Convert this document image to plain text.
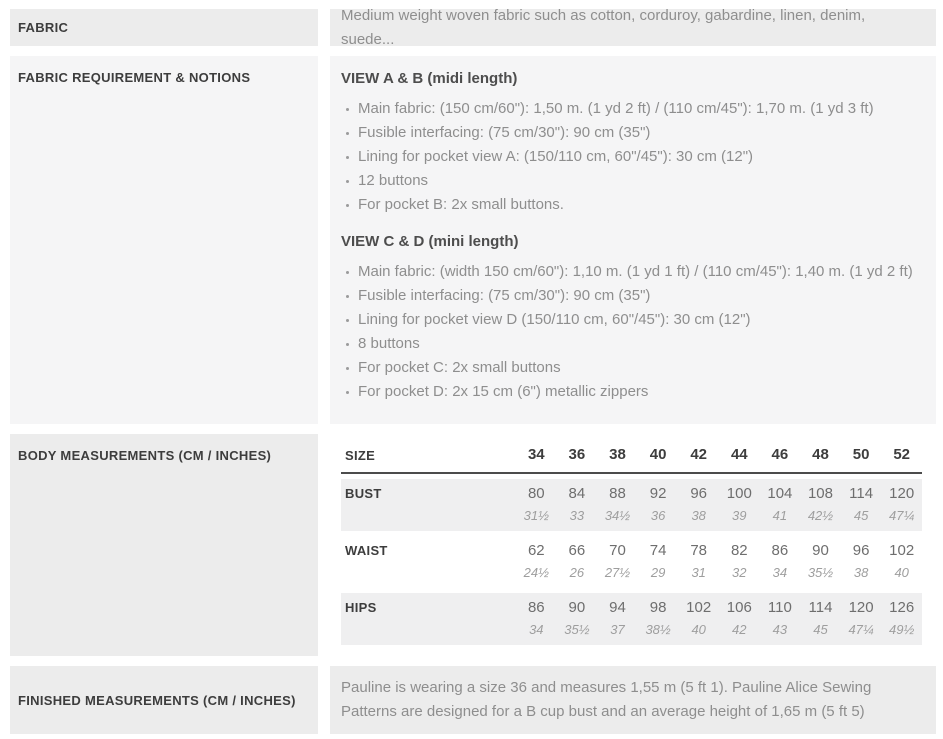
FABRIC

Medium weight woven fabric such as cotton, corduroy, gabardine, linen, denim, suede...

FABRIC REQUIREMENT & NOTIONS	VIEW A & B (midi length)
Main fabric: (150 cm/60"): 1,50 m. (1 yd 2 ft) / (110 cm/45"): 1,70 m. (1 yd 3 ft)
Fusible interfacing: (75 cm/30"): 90 cm (35")
Lining for pocket view A: (150/110 cm, 60"/45"): 30 cm (12")
12 buttons
For pocket B: 2x small buttons.
VIEW C & D (mini length)
Main fabric: (width 150 cm/60"): 1,10 m. (1 yd 1 ft) / (110 cm/45"): 1,40 m. (1 yd 2 ft)
Fusible interfacing: (75 cm/30"): 90 cm (35")
Lining for pocket view D (150/110 cm, 60"/45"): 30 cm (12")
8 buttons
For pocket C: 2x small buttons
For pocket D: 2x 15 cm (6") metallic zippers
BODY MEASUREMENTS (CM / INCHES)	SIZE	34	36	38	40	42	44	46	48	50	52
BUST	80	84	88	92	96	100	104	108	114	120
31½	33	34½	36	38	39	41	42½	45	47¼
WAIST	62	66	70	74	78	82	86	90	96	102
24½	26	27½	29	31	32	34	35½	38	40
HIPS	86	90	94	98	102	106	110	114	120	126
34	35½	37	38½	40	42	43	45	47¼	49½
FINISHED MEASUREMENTS (CM / INCHES)

Pauline is wearing a size 36 and measures 1,55 m (5 ft 1). Pauline Alice Sewing Patterns are designed for a B cup bust and an average height of 1,65 m (5 ft 5)
